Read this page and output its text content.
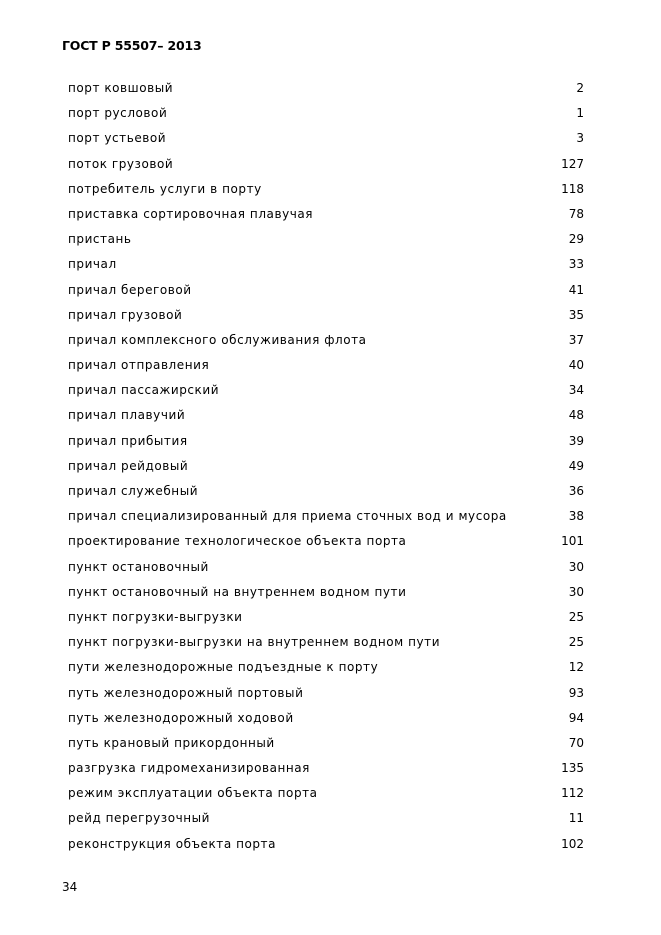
ГОСТ Р 55507– 2013
порт ковшовый	2
порт русловой	1
порт устьевой	3
поток грузовой	127
потребитель услуги в порту	118
приставка сортировочная плавучая	78
пристань	29
причал	33
причал береговой	41
причал грузовой	35
причал комплексного обслуживания флота	37
причал отправления	40
причал пассажирский	34
причал плавучий	48
причал прибытия	39
причал рейдовый	49
причал служебный	36
причал специализированный для приема сточных вод и мусора	38
проектирование технологическое объекта порта	101
пункт остановочный	30
пункт остановочный на внутреннем водном пути	30
пункт погрузки-выгрузки	25
пункт погрузки-выгрузки на внутреннем водном пути	25
пути железнодорожные подъездные к порту	12
путь железнодорожный портовый	93
путь железнодорожный ходовой	94
путь крановый прикордонный	70
разгрузка гидромеханизированная	135
режим эксплуатации объекта порта	112
рейд перегрузочный	11
реконструкция объекта порта	102
34
